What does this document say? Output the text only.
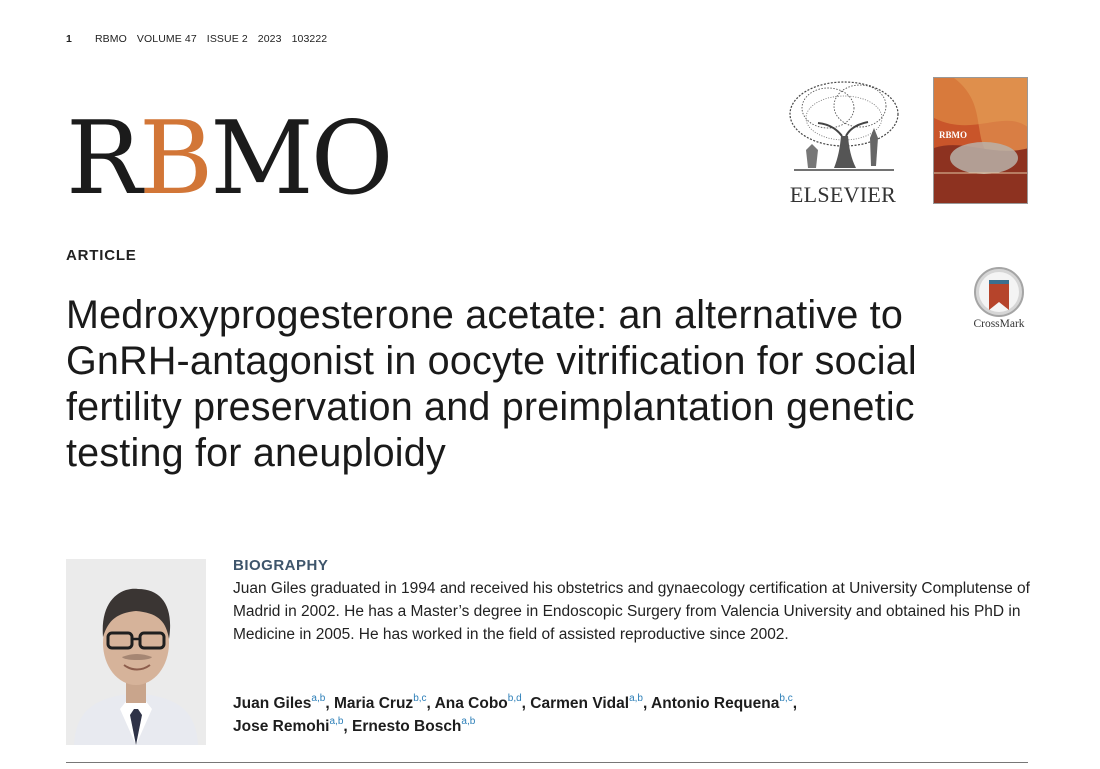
1 RBMO VOLUME 47 ISSUE 2 2023 103222
RBMO	ELSEVIER
RBMO
ARTICLE
Medroxyprogesterone acetate: an alternative to GnRH-antagonist in oocyte vitrification for social fertility preservation and preimplantation genetic testing for aneuploidy
CrossMark
BIOGRAPHY

Juan Giles graduated in 1994 and received his obstetrics and gynaecology certification at University Complutense of Madrid in 2002. He has a Master’s degree in Endoscopic Surgery from Valencia University and obtained his PhD in Medicine in 2005. He has worked in the field of assisted reproductive since 2002.

Juan Giles$^{a,b}$, Maria Cruz$^{b,c}$, Ana Cobo$^{b,d}$, Carmen Vidal$^{a,b}$, Antonio Requena$^{b,c}$,
Jose Remohi$^{a,b}$, Ernesto Bosch$^{a,b}$
